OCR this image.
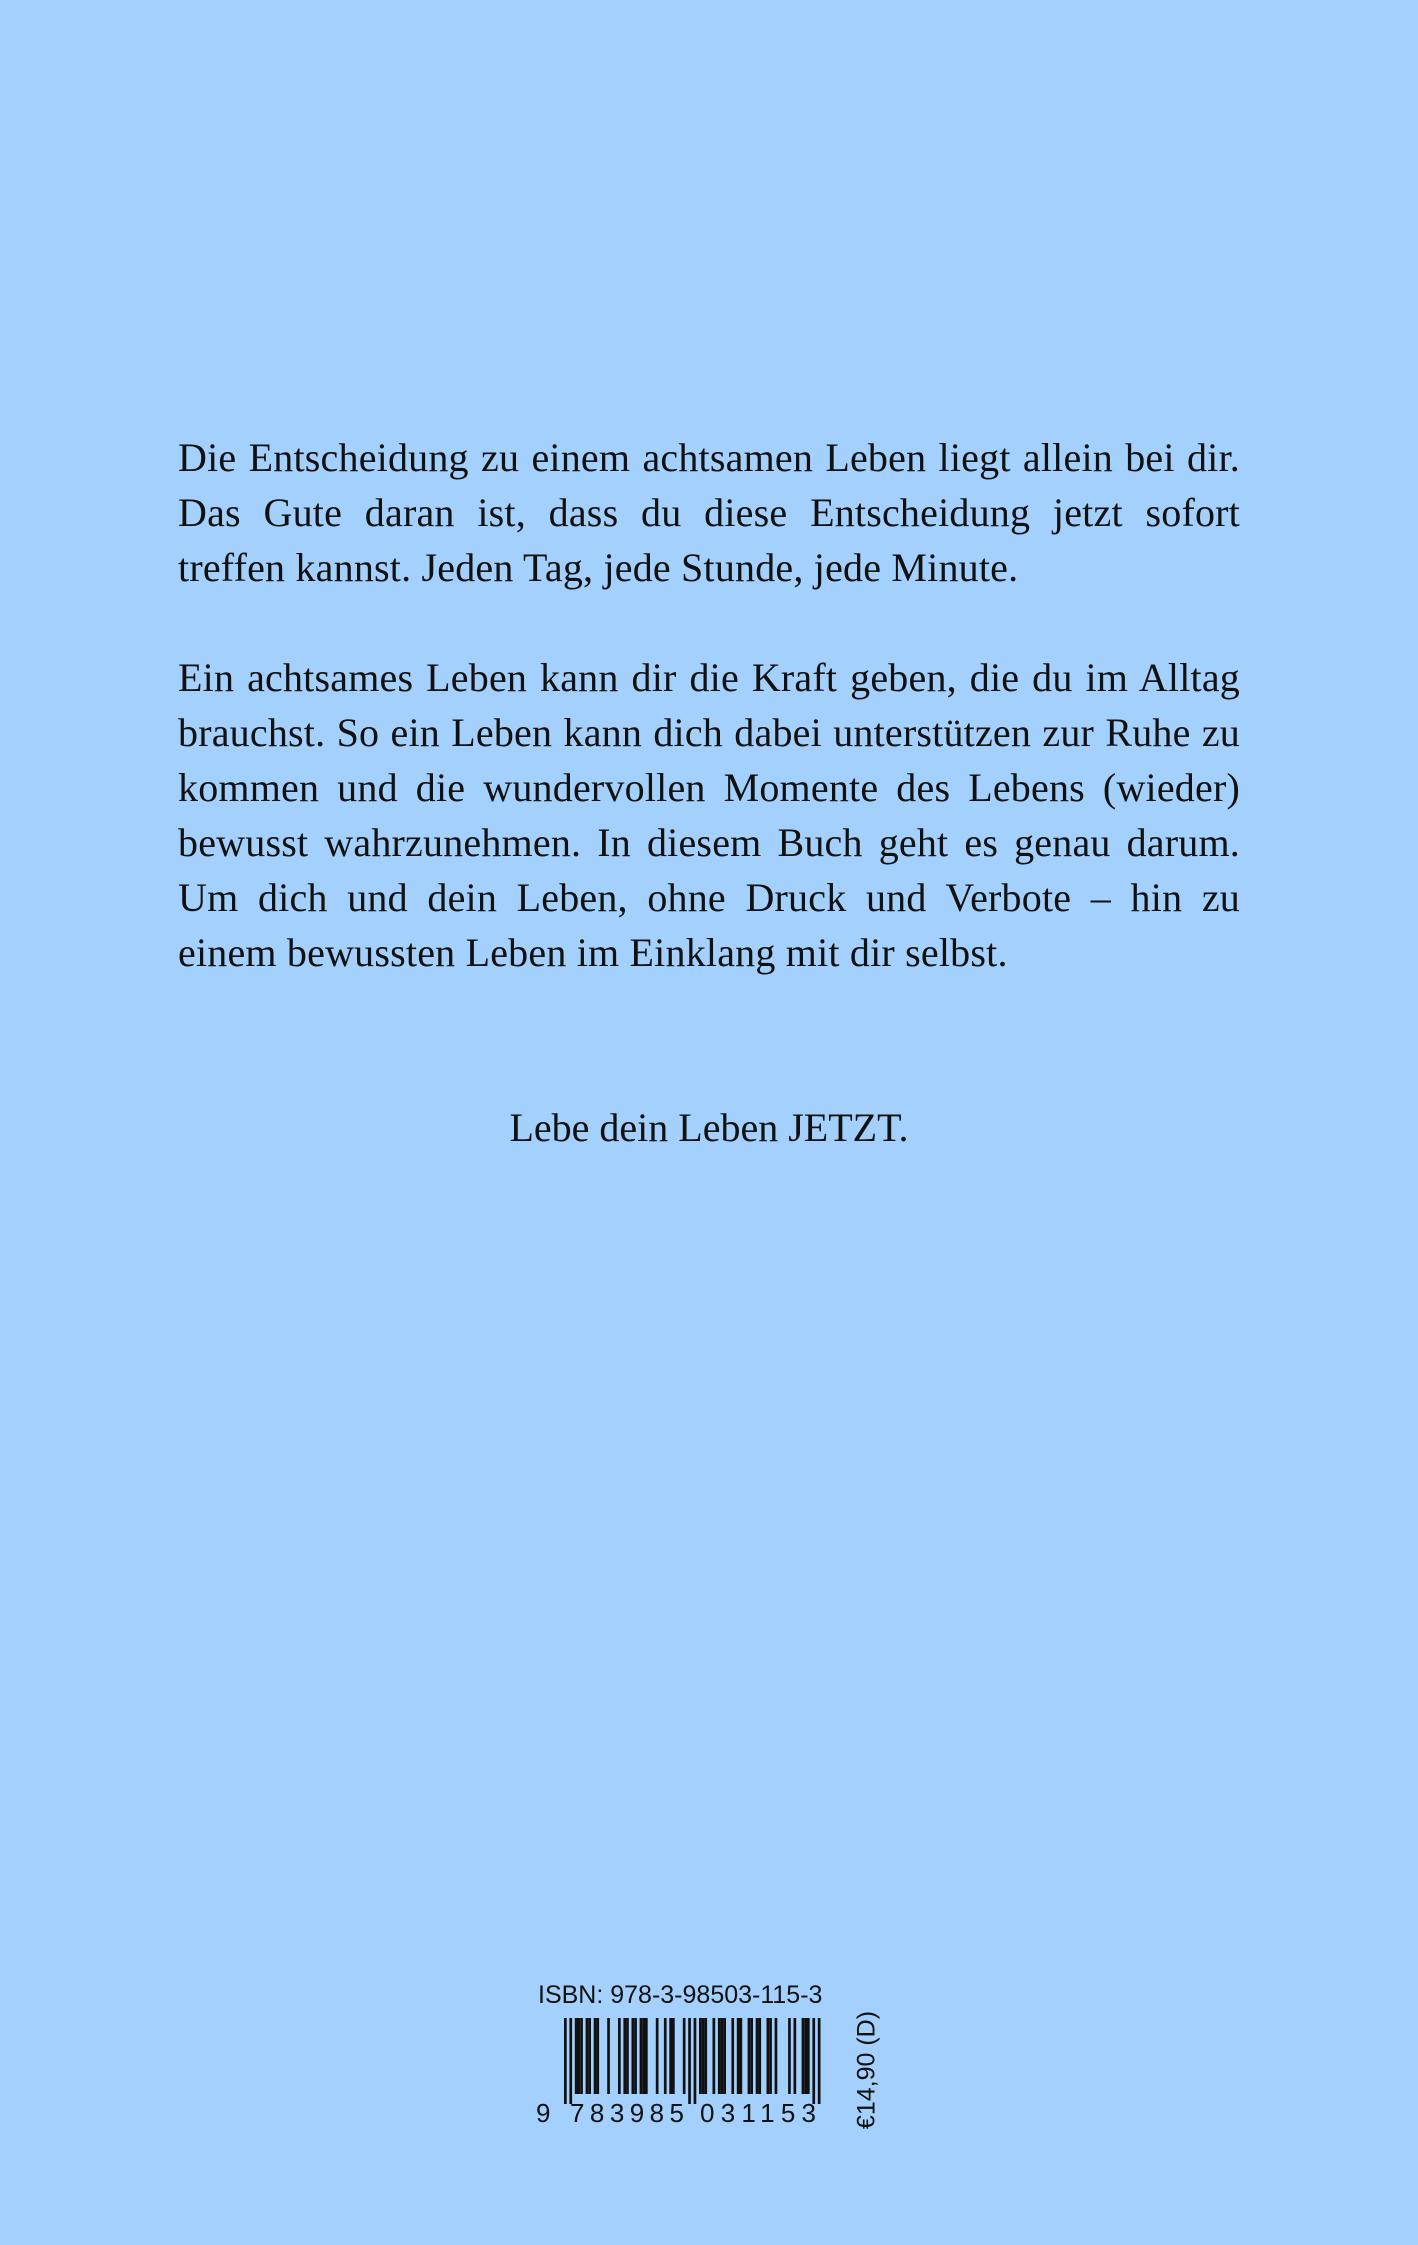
Die Entscheidung zu einem achtsamen Leben liegt allein bei dir. Das Gute daran ist, dass du diese Entscheidung jetzt sofort treffen kannst. Jeden Tag, jede Stunde, jede Minute.

Ein achtsames Leben kann dir die Kraft geben, die du im Alltag brauchst. So ein Leben kann dich dabei unterstützen zur Ruhe zu kommen und die wundervollen Momente des Lebens (wieder) bewusst wahrzunehmen. In diesem Buch geht es genau darum. Um dich und dein Leben, ohne Druck und Verbote – hin zu einem bewussten Leben im Einklang mit dir selbst.

Lebe dein Leben JETZT.

ISBN: 978-3-98503-115-3
9 783985 031153 €14,90 (D)
